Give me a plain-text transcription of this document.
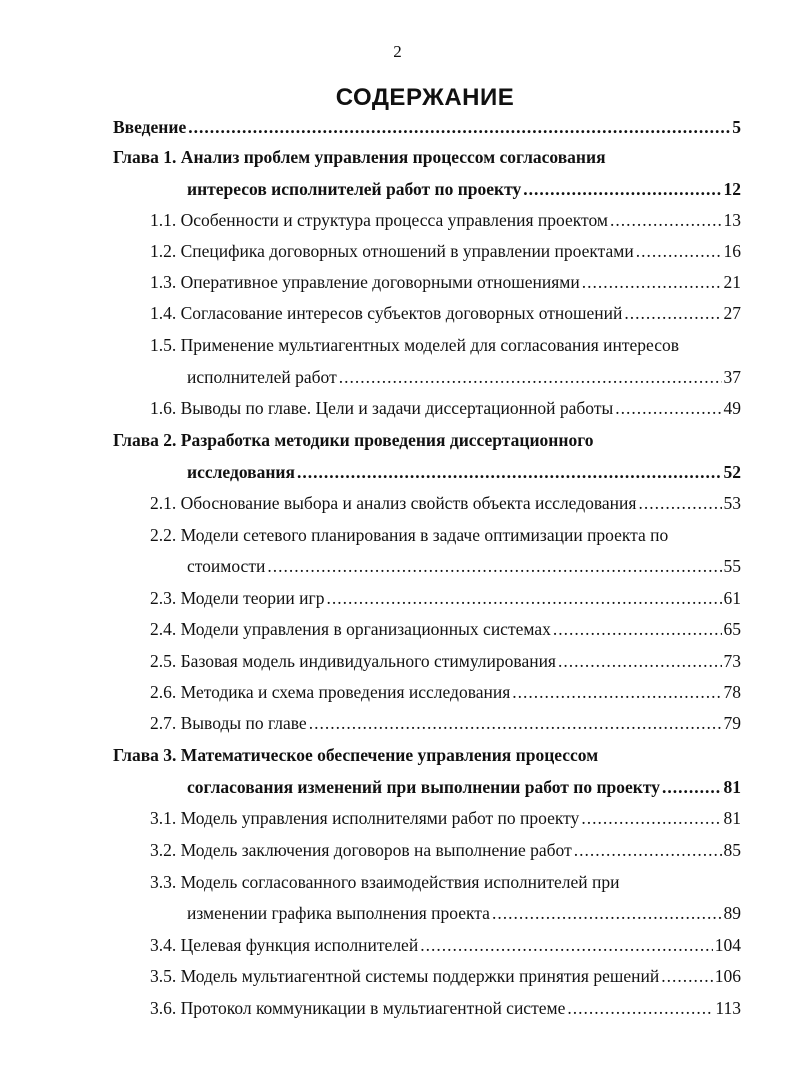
2
СОДЕРЖАНИЕ
Введение .....	5
Глава 1. Анализ проблем управления процессом согласования
интересов исполнителей работ по проекту .....	12
1.1. Особенности и структура процесса управления проектом .....	13
1.2. Специфика договорных отношений в управлении проектами .....	16
1.3. Оперативное управление договорными отношениями .....	21
1.4. Согласование интересов субъектов договорных отношений .....	27
1.5. Применение мультиагентных моделей для согласования интересов
исполнителей работ .....	37
1.6. Выводы по главе. Цели и задачи диссертационной работы .....	49
Глава 2. Разработка методики проведения диссертационного
исследования .....	52
2.1. Обоснование выбора и анализ свойств объекта исследования .....	53
2.2. Модели сетевого планирования в задаче оптимизации проекта по
стоимости .....	55
2.3. Модели теории игр .....	61
2.4. Модели управления в организационных системах .....	65
2.5. Базовая модель индивидуального стимулирования .....	73
2.6. Методика и схема проведения исследования .....	78
2.7. Выводы по главе .....	79
Глава 3. Математическое обеспечение управления процессом
согласования изменений при выполнении работ по проекту .....	81
3.1. Модель управления исполнителями работ по проекту .....	81
3.2. Модель заключения договоров на выполнение работ .....	85
3.3. Модель согласованного взаимодействия исполнителей при
изменении графика выполнения проекта .....	89
3.4. Целевая функция исполнителей .....	104
3.5. Модель мультиагентной системы поддержки принятия решений .....	106
3.6. Протокол коммуникации в мультиагентной системе .....	113
